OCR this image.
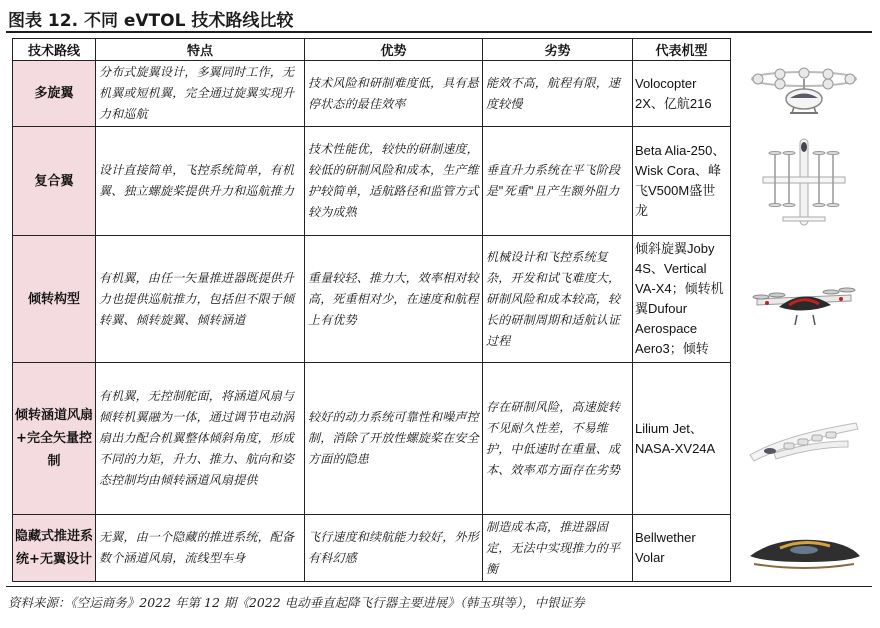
图表 12. 不同 eVTOL 技术路线比较
技术路线	特点	优势	劣势	代表机型
多旋翼	分布式旋翼设计，多翼同时工作，无机翼或短机翼，完全通过旋翼实现升力和巡航	技术风险和研制难度低，具有悬停状态的最佳效率	能效不高，航程有限，速度较慢	Volocopter 2X、亿航216
复合翼	设计直接简单，飞控系统简单，有机翼、独立螺旋桨提供升力和巡航推力	技术性能优，较快的研制速度，较低的研制风险和成本，生产维护较简单，适航路径和监管方式较为成熟	垂直升力系统在平飞阶段是"死重"且产生额外阻力	Beta Alia-250、Wisk Cora、峰飞V500M盛世龙
倾转构型	有机翼，由任一矢量推进器既提供升力也提供巡航推力，包括但不限于倾转翼、倾转旋翼、倾转涵道	重量较轻、推力大，效率相对较高，死重相对少，在速度和航程上有优势	机械设计和飞控系统复杂，开发和试飞难度大，研制风险和成本较高，较长的研制周期和适航认证过程	倾斜旋翼Joby 4S、Vertical VA-X4；倾转机翼Dufour Aerospace Aero3；倾转
倾转涵道风扇+完全矢量控制	有机翼，无控制舵面，将涵道风扇与倾转机翼融为一体，通过调节电动涡扇出力配合机翼整体倾斜角度，形成不同的力矩，升力、推力、航向和姿态控制均由倾转涵道风扇提供	较好的动力系统可靠性和噪声控制，消除了开放性螺旋桨在安全方面的隐患	存在研制风险，高速旋转不见耐久性差，不易维护，中低速时在重量、成本、效率邓方面存在劣势	Lilium Jet、NASA-XV24A
隐藏式推进系统+无翼设计	无翼，由一个隐藏的推进系统，配备数个涵道风扇，流线型车身	飞行速度和续航能力较好，外形有科幻感	制造成本高，推进器固定，无法中实现推力的平衡	Bellwether Volar
资料来源：《空运商务》2022 年第 12 期《2022 电动垂直起降飞行器主要进展》（韩玉琪等），中银证券
